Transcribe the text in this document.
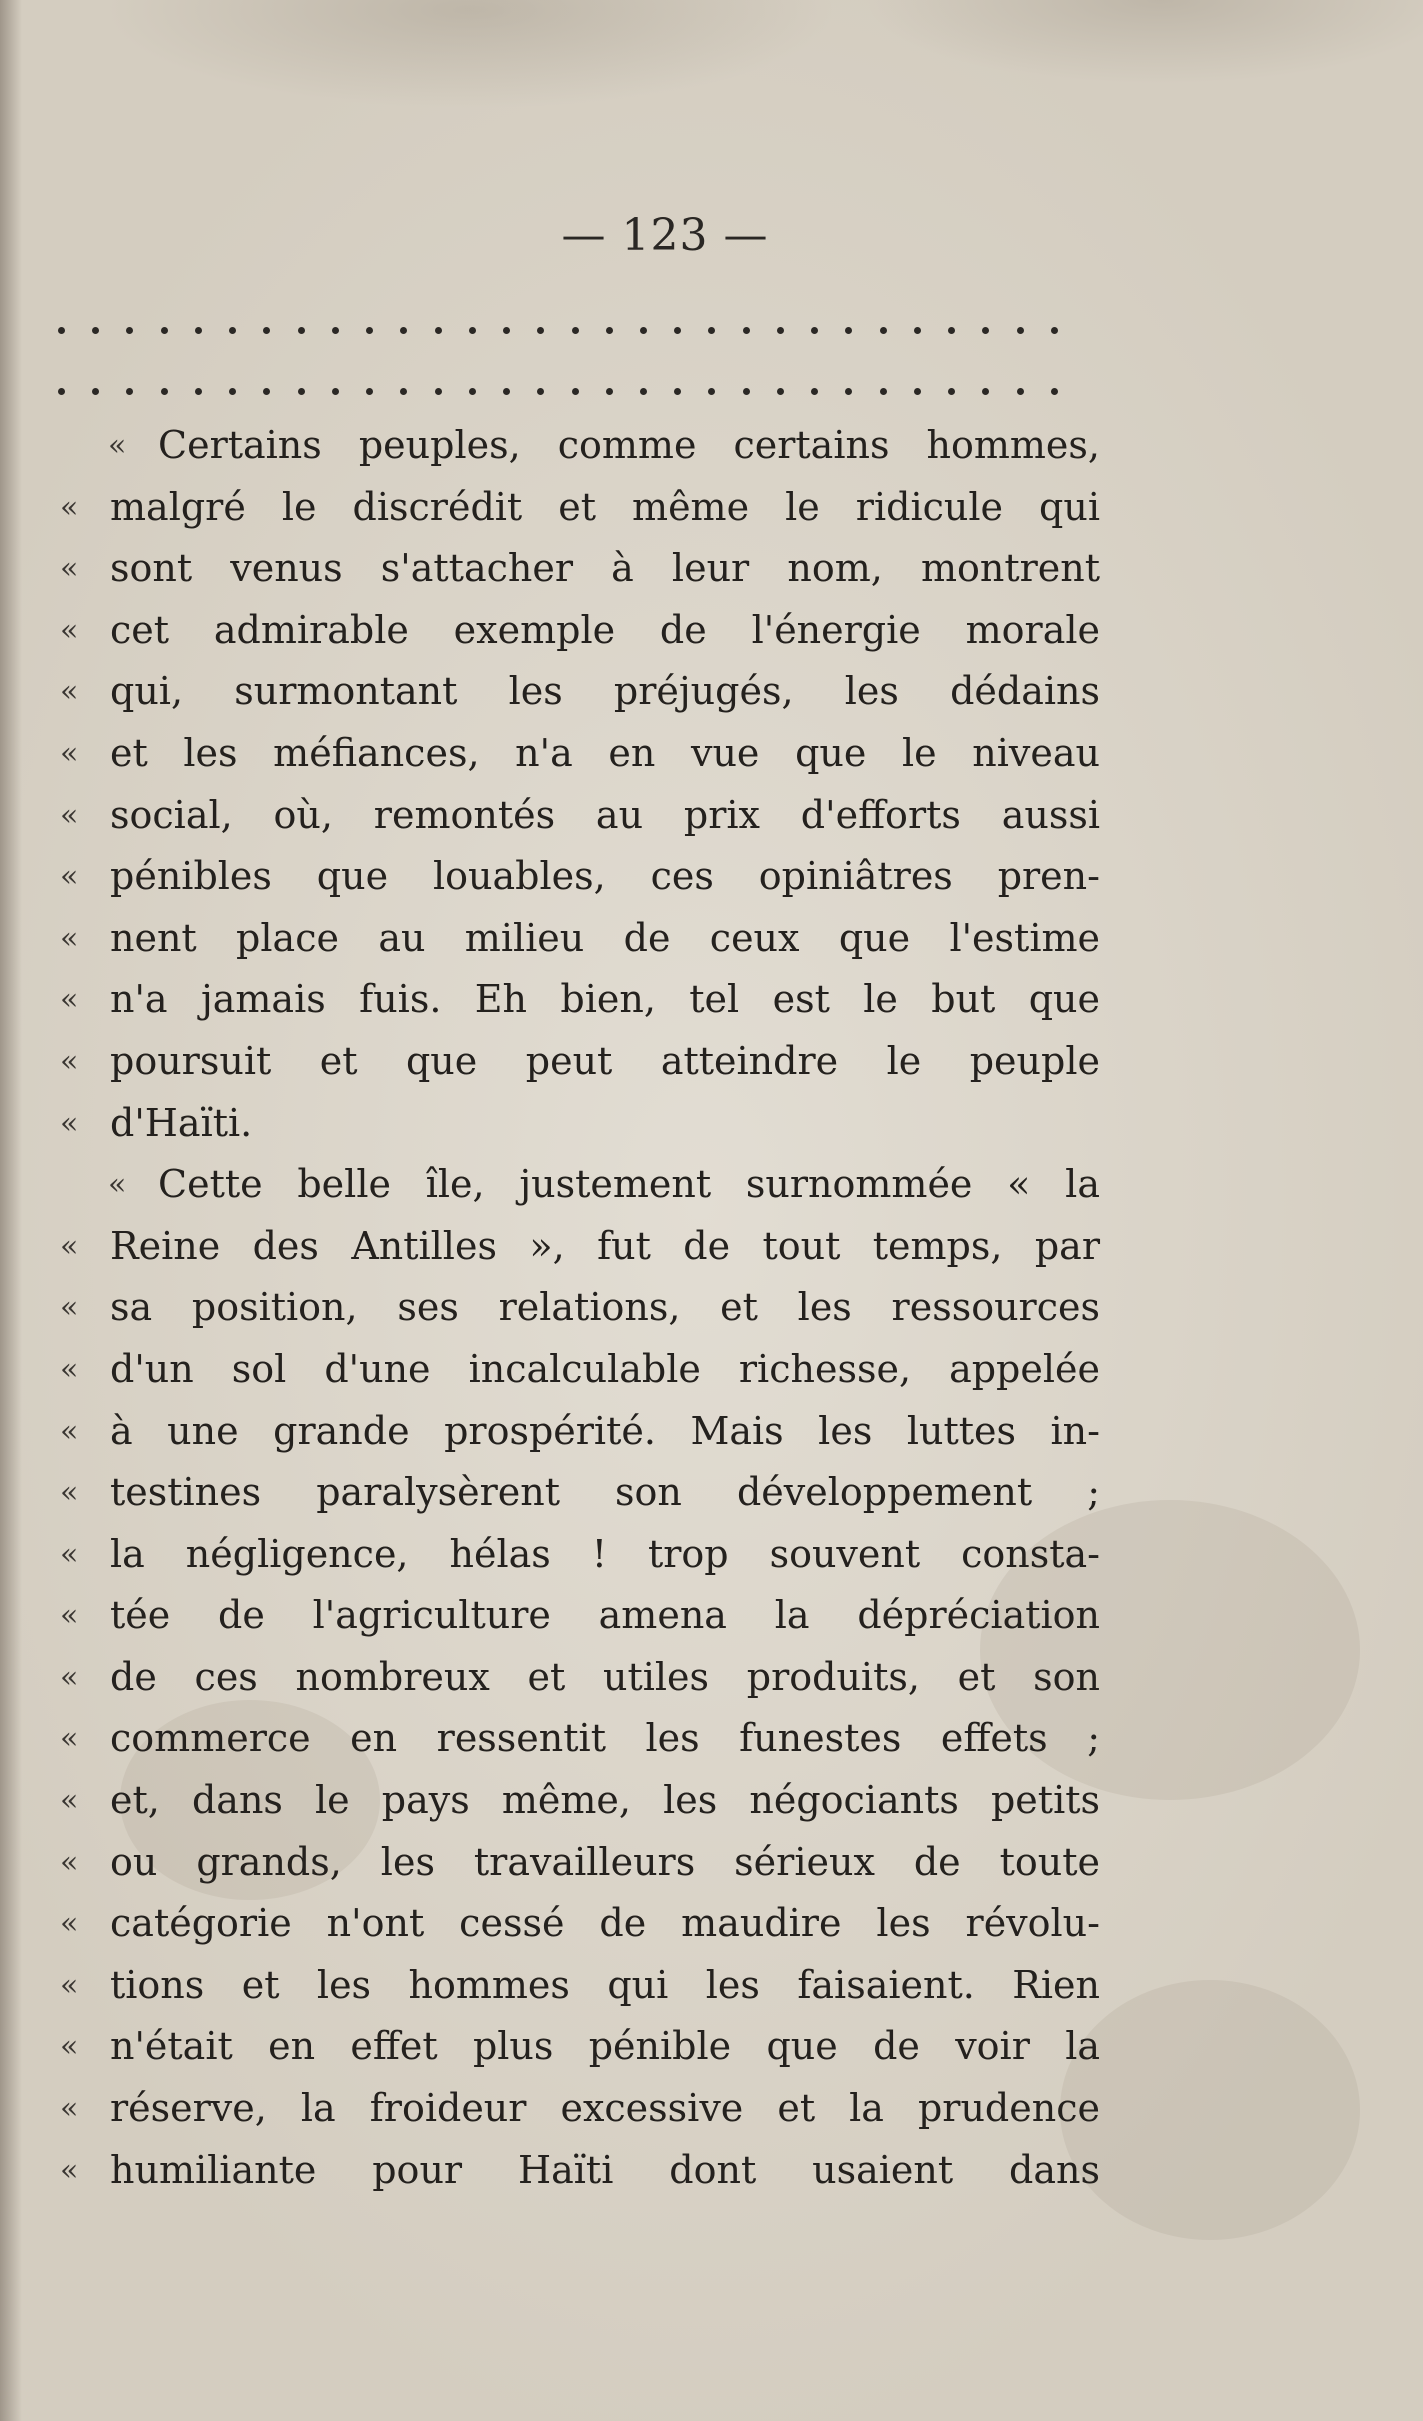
— 123 —
« Certains peuples, comme certains hommes,
« malgré le discrédit et même le ridicule qui
« sont venus s'attacher à leur nom, montrent
« cet admirable exemple de l'énergie morale
« qui, surmontant les préjugés, les dédains
« et les méfiances, n'a en vue que le niveau
« social, où, remontés au prix d'efforts aussi
« pénibles que louables, ces opiniâtres pren-
« nent place au milieu de ceux que l'estime
« n'a jamais fuis. Eh bien, tel est le but que
« poursuit et que peut atteindre le peuple
« d'Haïti.
« Cette belle île, justement surnommée « la
« Reine des Antilles », fut de tout temps, par
« sa position, ses relations, et les ressources
« d'un sol d'une incalculable richesse, appelée
« à une grande prospérité. Mais les luttes in-
« testines paralysèrent son développement ;
« la négligence, hélas ! trop souvent consta-
« tée de l'agriculture amena la dépréciation
« de ces nombreux et utiles produits, et son
« commerce en ressentit les funestes effets ;
« et, dans le pays même, les négociants petits
« ou grands, les travailleurs sérieux de toute
« catégorie n'ont cessé de maudire les révolu-
« tions et les hommes qui les faisaient. Rien
« n'était en effet plus pénible que de voir la
« réserve, la froideur excessive et la prudence
« humiliante pour Haïti dont usaient dans
